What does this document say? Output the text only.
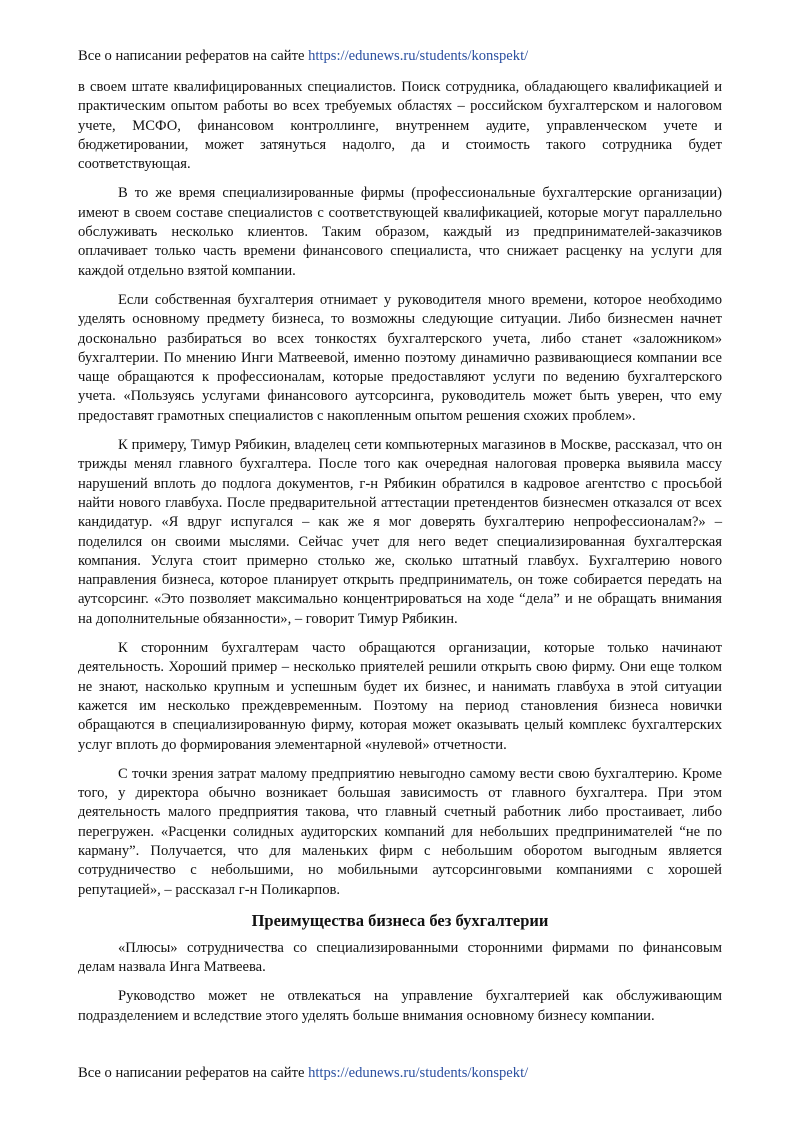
Все о написании рефератов на сайте https://edunews.ru/students/konspekt/

в своем штате квалифицированных специалистов. Поиск сотрудника, обладающего квалификацией и практическим опытом работы во всех требуемых областях – российском бухгалтерском и налоговом учете, МСФО, финансовом контроллинге, внутреннем аудите, управленческом учете и бюджетировании, может затянуться надолго, да и стоимость такого сотрудника будет соответствующая.

В то же время специализированные фирмы (профессиональные бухгалтерские организации) имеют в своем составе специалистов с соответствующей квалификацией, которые могут параллельно обслуживать несколько клиентов. Таким образом, каждый из предпринимателей-заказчиков оплачивает только часть времени финансового специалиста, что снижает расценку на услуги для каждой отдельно взятой компании.

Если собственная бухгалтерия отнимает у руководителя много времени, которое необходимо уделять основному предмету бизнеса, то возможны следующие ситуации. Либо бизнесмен начнет досконально разбираться во всех тонкостях бухгалтерского учета, либо станет «заложником» бухгалтерии. По мнению Инги Матвеевой, именно поэтому динамично развивающиеся компании все чаще обращаются к профессионалам, которые предоставляют услуги по ведению бухгалтерского учета. «Пользуясь услугами финансового аутсорсинга, руководитель может быть уверен, что ему предоставят грамотных специалистов с накопленным опытом решения схожих проблем».

К примеру, Тимур Рябикин, владелец сети компьютерных магазинов в Москве, рассказал, что он трижды менял главного бухгалтера. После того как очередная налоговая проверка выявила массу нарушений вплоть до подлога документов, г-н Рябикин обратился в кадровое агентство с просьбой найти нового главбуха. После предварительной аттестации претендентов бизнесмен отказался от всех кандидатур. «Я вдруг испугался – как же я мог доверять бухгалтерию непрофессионалам?» – поделился он своими мыслями. Сейчас учет для него ведет специализированная бухгалтерская компания. Услуга стоит примерно столько же, сколько штатный главбух. Бухгалтерию нового направления бизнеса, которое планирует открыть предприниматель, он тоже собирается передать на аутсорсинг. «Это позволяет максимально концентрироваться на ходе “дела” и не обращать внимания на дополнительные обязанности», – говорит Тимур Рябикин.

К сторонним бухгалтерам часто обращаются организации, которые только начинают деятельность. Хороший пример – несколько приятелей решили открыть свою фирму. Они еще толком не знают, насколько крупным и успешным будет их бизнес, и нанимать главбуха в этой ситуации кажется им несколько преждевременным. Поэтому на период становления бизнеса новички обращаются в специализированную фирму, которая может оказывать целый комплекс бухгалтерских услуг вплоть до формирования элементарной «нулевой» отчетности.

С точки зрения затрат малому предприятию невыгодно самому вести свою бухгалтерию. Кроме того, у директора обычно возникает большая зависимость от главного бухгалтера. При этом деятельность малого предприятия такова, что главный счетный работник либо простаивает, либо перегружен. «Расценки солидных аудиторских компаний для небольших предпринимателей “не по карману”. Получается, что для маленьких фирм с небольшим оборотом выгодным является сотрудничество с небольшими, но мобильными аутсорсинговыми компаниями с хорошей репутацией», – рассказал г-н Поликарпов.

Преимущества бизнеса без бухгалтерии

«Плюсы» сотрудничества со специализированными сторонними фирмами по финансовым делам назвала Инга Матвеева.

Руководство может не отвлекаться на управление бухгалтерией как обслуживающим подразделением и вследствие этого уделять больше внимания основному бизнесу компании.

Все о написании рефератов на сайте https://edunews.ru/students/konspekt/
